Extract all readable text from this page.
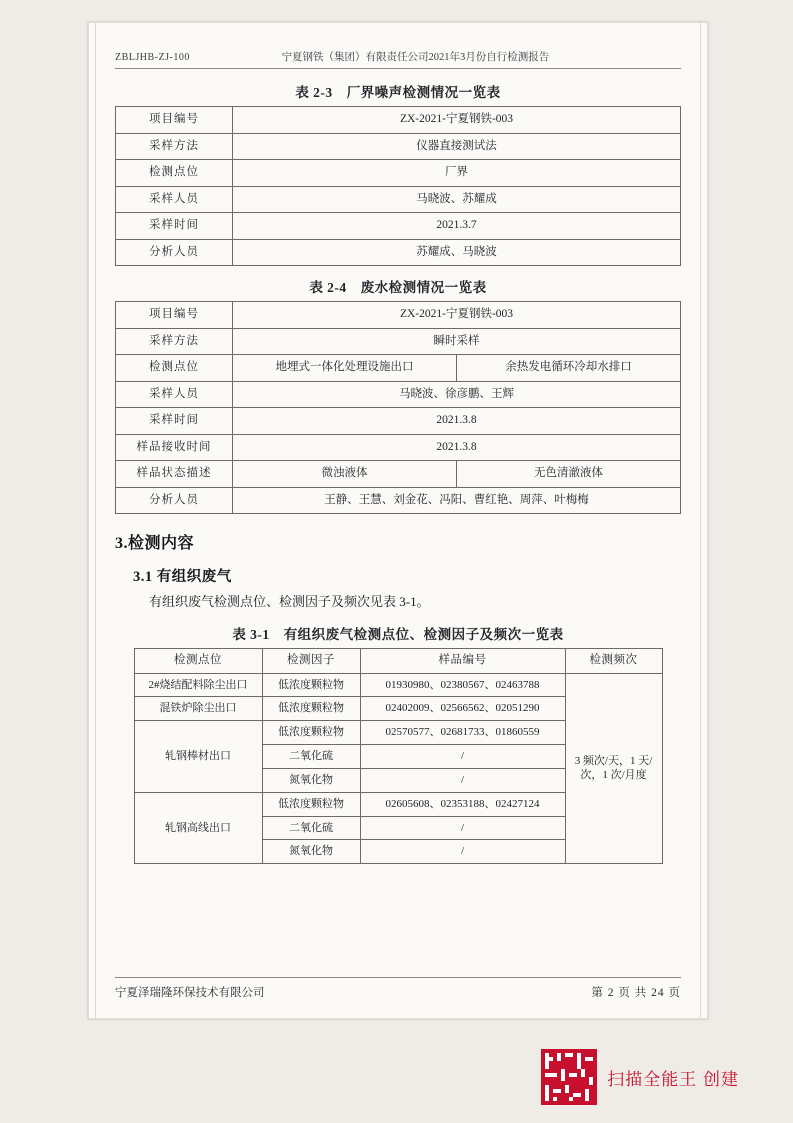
ZBLJHB-ZJ-100	宁夏钢铁（集团）有限责任公司2021年3月份自行检测报告
表 2-3 厂界噪声检测情况一览表
项目编号	ZX-2021-宁夏钢铁-003
采样方法	仪器直接测试法
检测点位	厂界
采样人员	马晓波、苏耀成
采样时间	2021.3.7
分析人员	苏耀成、马晓波
表 2-4 废水检测情况一览表
项目编号	ZX-2021-宁夏钢铁-003	
采样方法	瞬时采样	
检测点位	地埋式一体化处理设施出口	余热发电循环冷却水排口
采样人员	马晓波、徐彦鹏、王辉	
采样时间	2021.3.8	
样品接收时间	2021.3.8	
样品状态描述	微浊液体	无色清澈液体
分析人员	王静、王慧、刘金花、冯阳、曹红艳、周萍、叶梅梅	
3.检测内容
3.1 有组织废气

有组织废气检测点位、检测因子及频次见表 3-1。

表 3-1 有组织废气检测点位、检测因子及频次一览表
检测点位	检测因子	样品编号	检测频次
2#烧结配料除尘出口	低浓度颗粒物	01930980、02380567、02463788	3 频次/天，1 天/次，1 次/月度
混铁炉除尘出口	低浓度颗粒物	02402009、02566562、02051290	
轧钢棒材出口	低浓度颗粒物	02570577、02681733、01860559	
	二氧化硫	/	
	氮氧化物	/	
轧钢高线出口	低浓度颗粒物	02605608、02353188、02427124	
	二氧化硫	/	
	氮氧化物	/	
宁夏泽瑞隆环保技术有限公司	第 2 页 共 24 页
扫描全能王 创建
